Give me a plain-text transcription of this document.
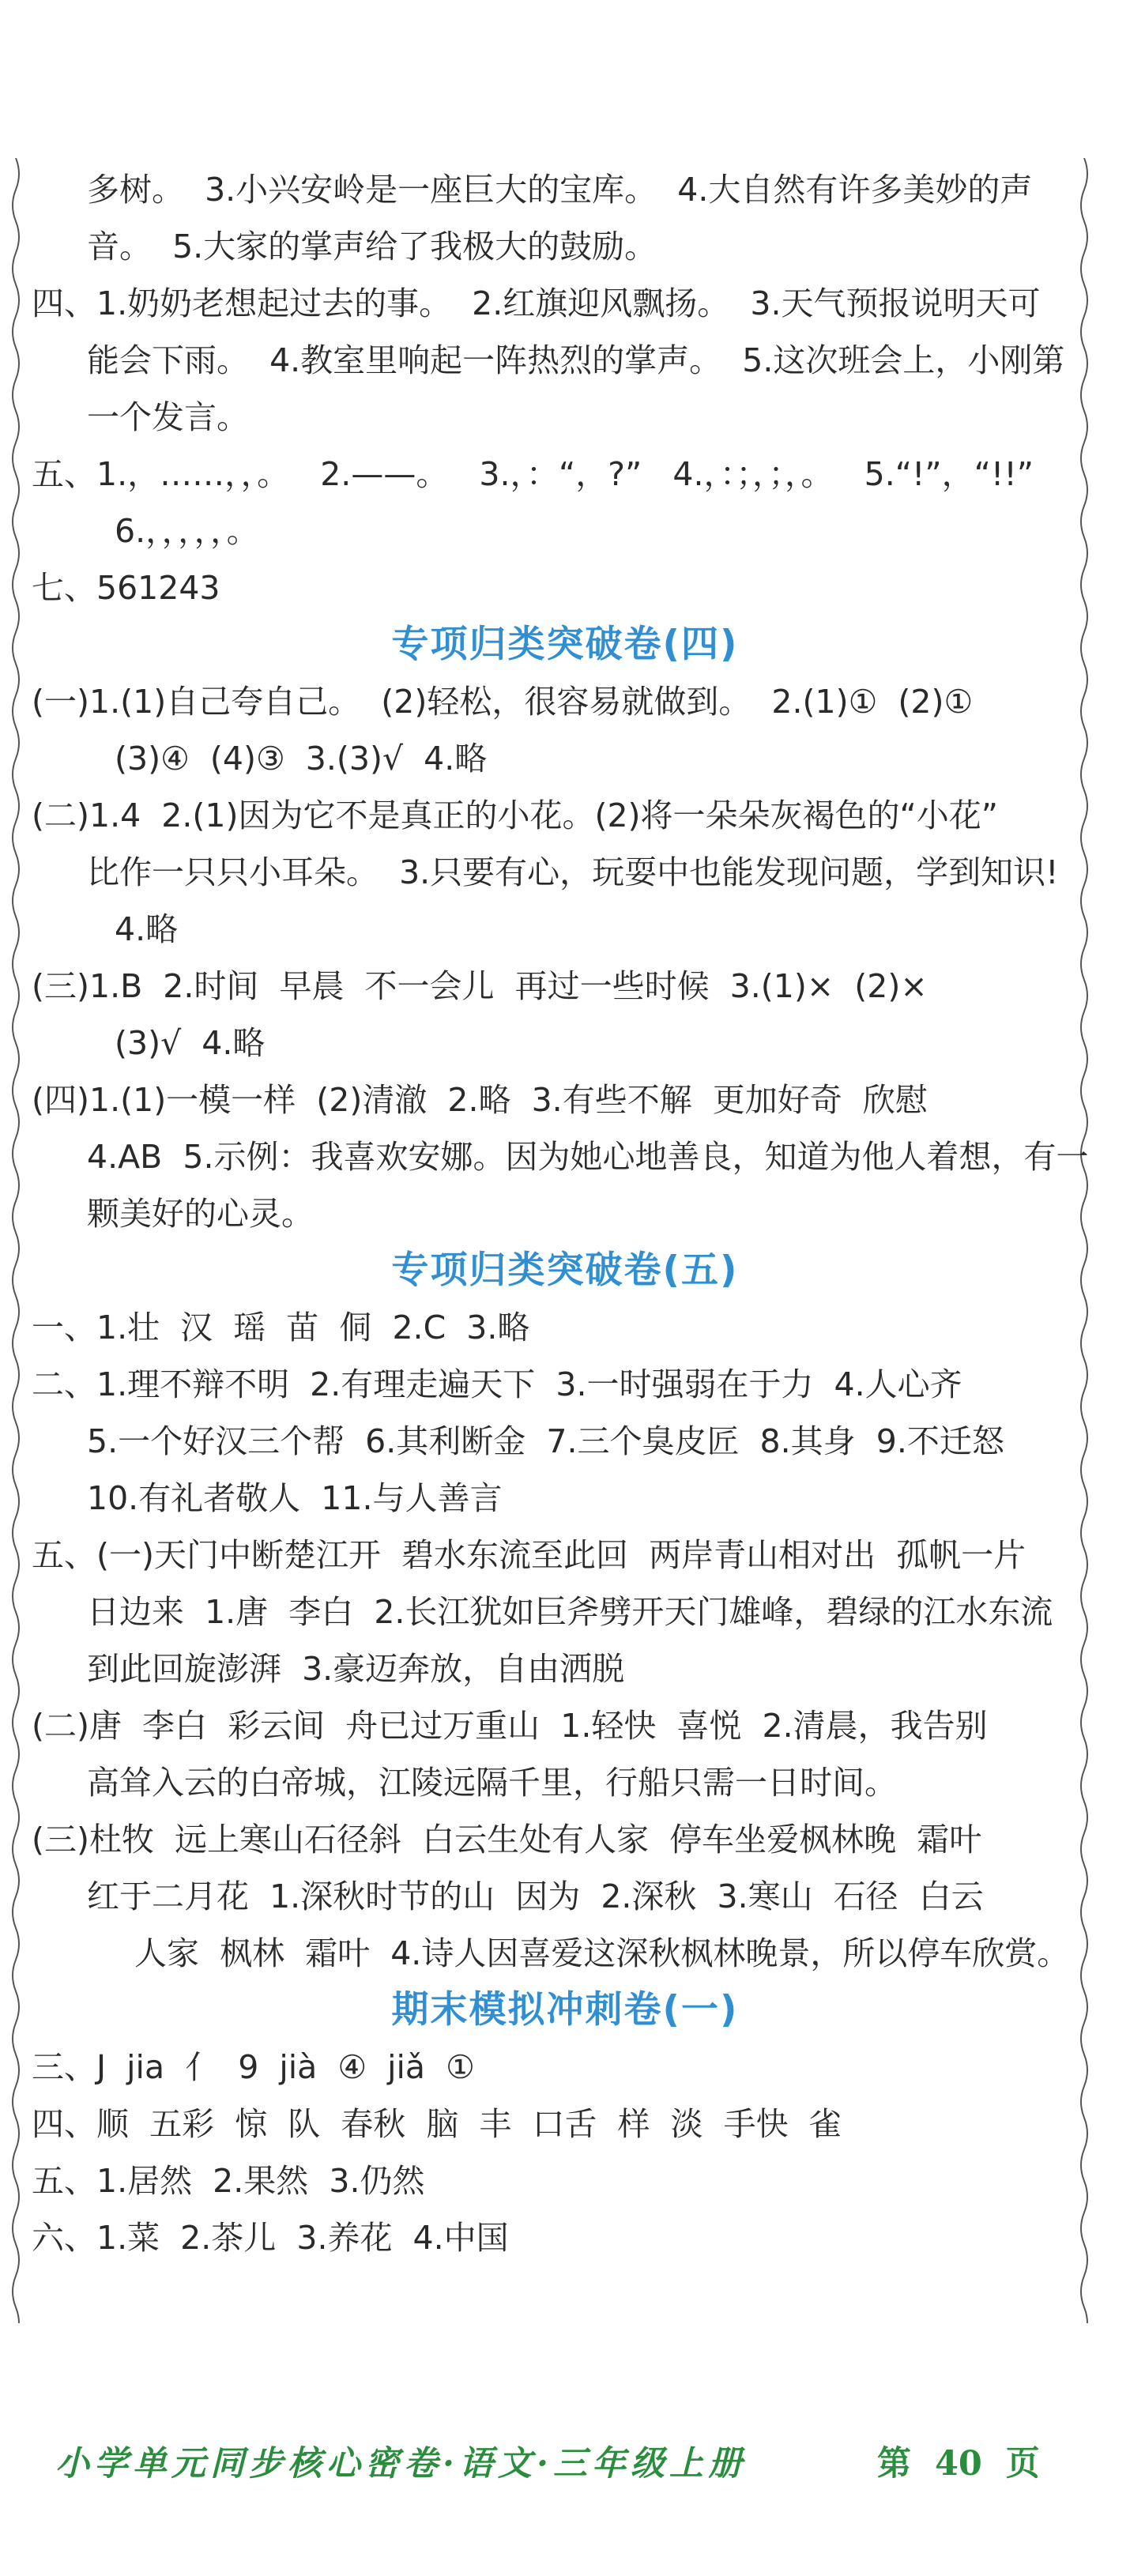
多树。  3.小兴安岭是一座巨大的宝库。  4.大自然有许多美妙的声
音。  5.大家的掌声给了我极大的鼓励。
四、1.奶奶老想起过去的事。  2.红旗迎风飘扬。  3.天气预报说明天可
能会下雨。  4.教室里响起一阵热烈的掌声。  5.这次班会上，小刚第
一个发言。
五、1.，……，，。   2.——。   3.，：“，?”   4.，：；，；，。   5.“!”，“!!”
6.，，，，，。
七、561243
专项归类突破卷(四)
(一)1.(1)自己夸自己。  (2)轻松，很容易就做到。  2.(1)①  (2)①
(3)④  (4)③  3.(3)√  4.略
(二)1.4  2.(1)因为它不是真正的小花。(2)将一朵朵灰褐色的“小花”
比作一只只小耳朵。  3.只要有心，玩耍中也能发现问题，学到知识!
4.略
(三)1.B  2.时间  早晨  不一会儿  再过一些时候  3.(1)×  (2)×
(3)√  4.略
(四)1.(1)一模一样  (2)清澈  2.略  3.有些不解  更加好奇  欣慰
4.AB  5.示例：我喜欢安娜。因为她心地善良，知道为他人着想，有一
颗美好的心灵。
专项归类突破卷(五)
一、1.壮  汉  瑶  苗  侗  2.C  3.略
二、1.理不辩不明  2.有理走遍天下  3.一时强弱在于力  4.人心齐
5.一个好汉三个帮  6.其利断金  7.三个臭皮匠  8.其身  9.不迁怒
10.有礼者敬人  11.与人善言
五、(一)天门中断楚江开  碧水东流至此回  两岸青山相对出  孤帆一片
日边来  1.唐  李白  2.长江犹如巨斧劈开天门雄峰，碧绿的江水东流
到此回旋澎湃  3.豪迈奔放，自由洒脱
(二)唐  李白  彩云间  舟已过万重山  1.轻快  喜悦  2.清晨，我告别
高耸入云的白帝城，江陵远隔千里，行船只需一日时间。
(三)杜牧  远上寒山石径斜  白云生处有人家  停车坐爱枫林晚  霜叶
红于二月花  1.深秋时节的山  因为  2.深秋  3.寒山  石径  白云
人家  枫林  霜叶  4.诗人因喜爱这深秋枫林晚景，所以停车欣赏。
期末模拟冲刺卷(一)
三、J  jia  亻  9  jià  ④  jiǎ  ①
四、顺  五彩  惊  队  春秋  脑  丰  口舌  样  淡  手快  雀
五、1.居然  2.果然  3.仍然
六、1.菜  2.茶儿  3.养花  4.中国
小学单元同步核心密卷·语文·三年级上册	第  40  页
